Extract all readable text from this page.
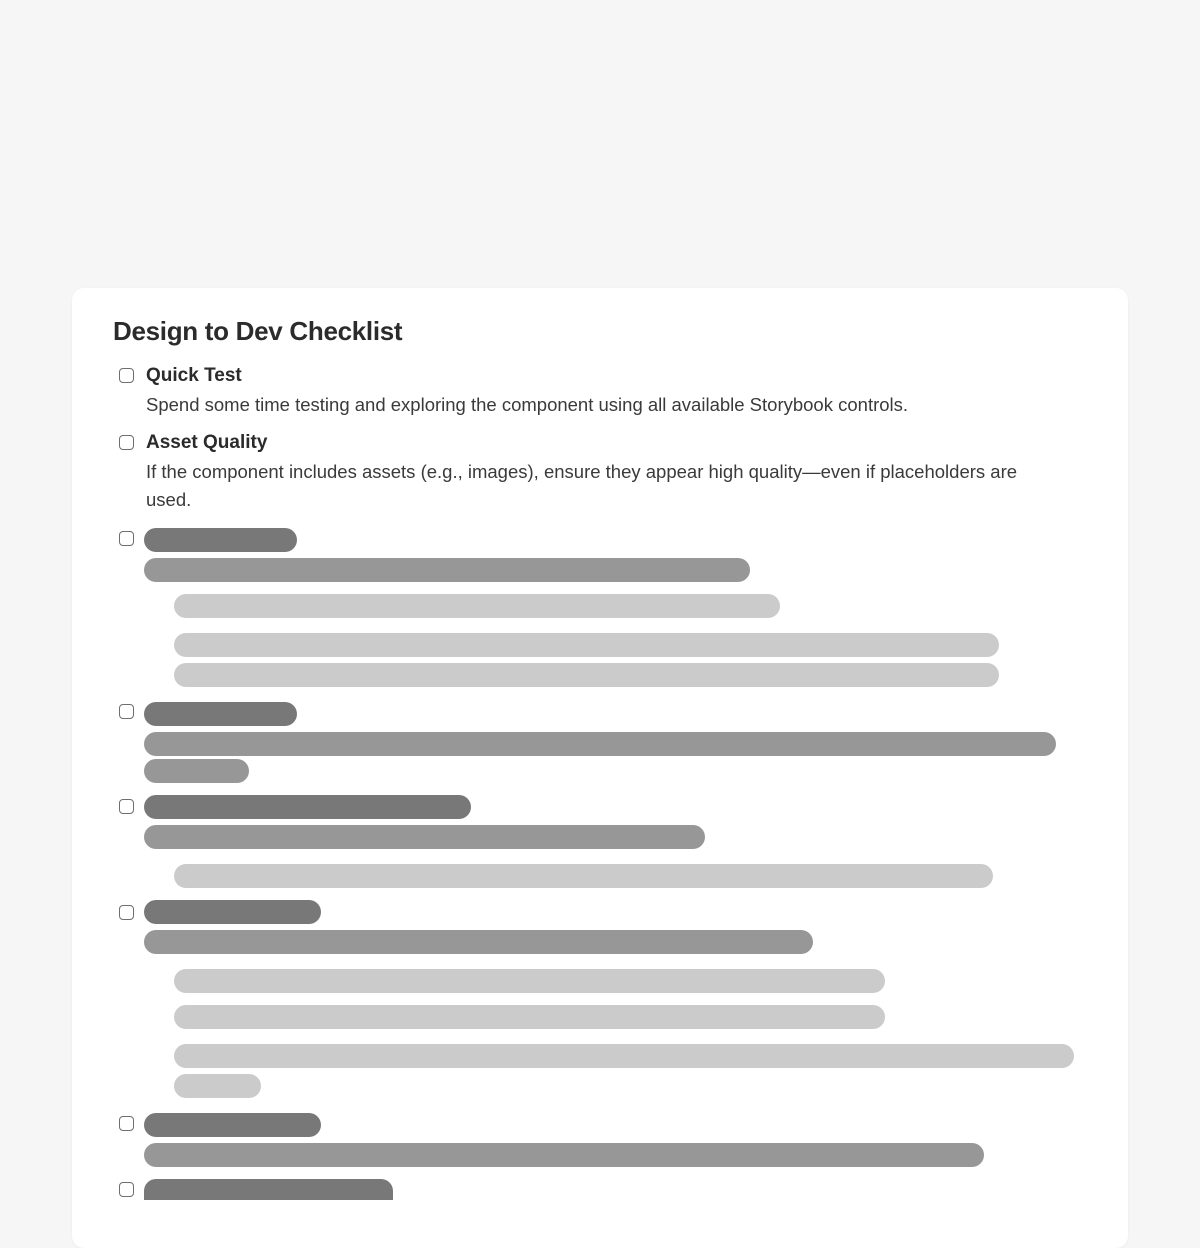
Design to Dev Checklist
Quick Test
Spend some time testing and exploring the component using all available Storybook controls.
Asset Quality
If the component includes assets (e.g., images), ensure they appear high quality—even if placeholders are used.
